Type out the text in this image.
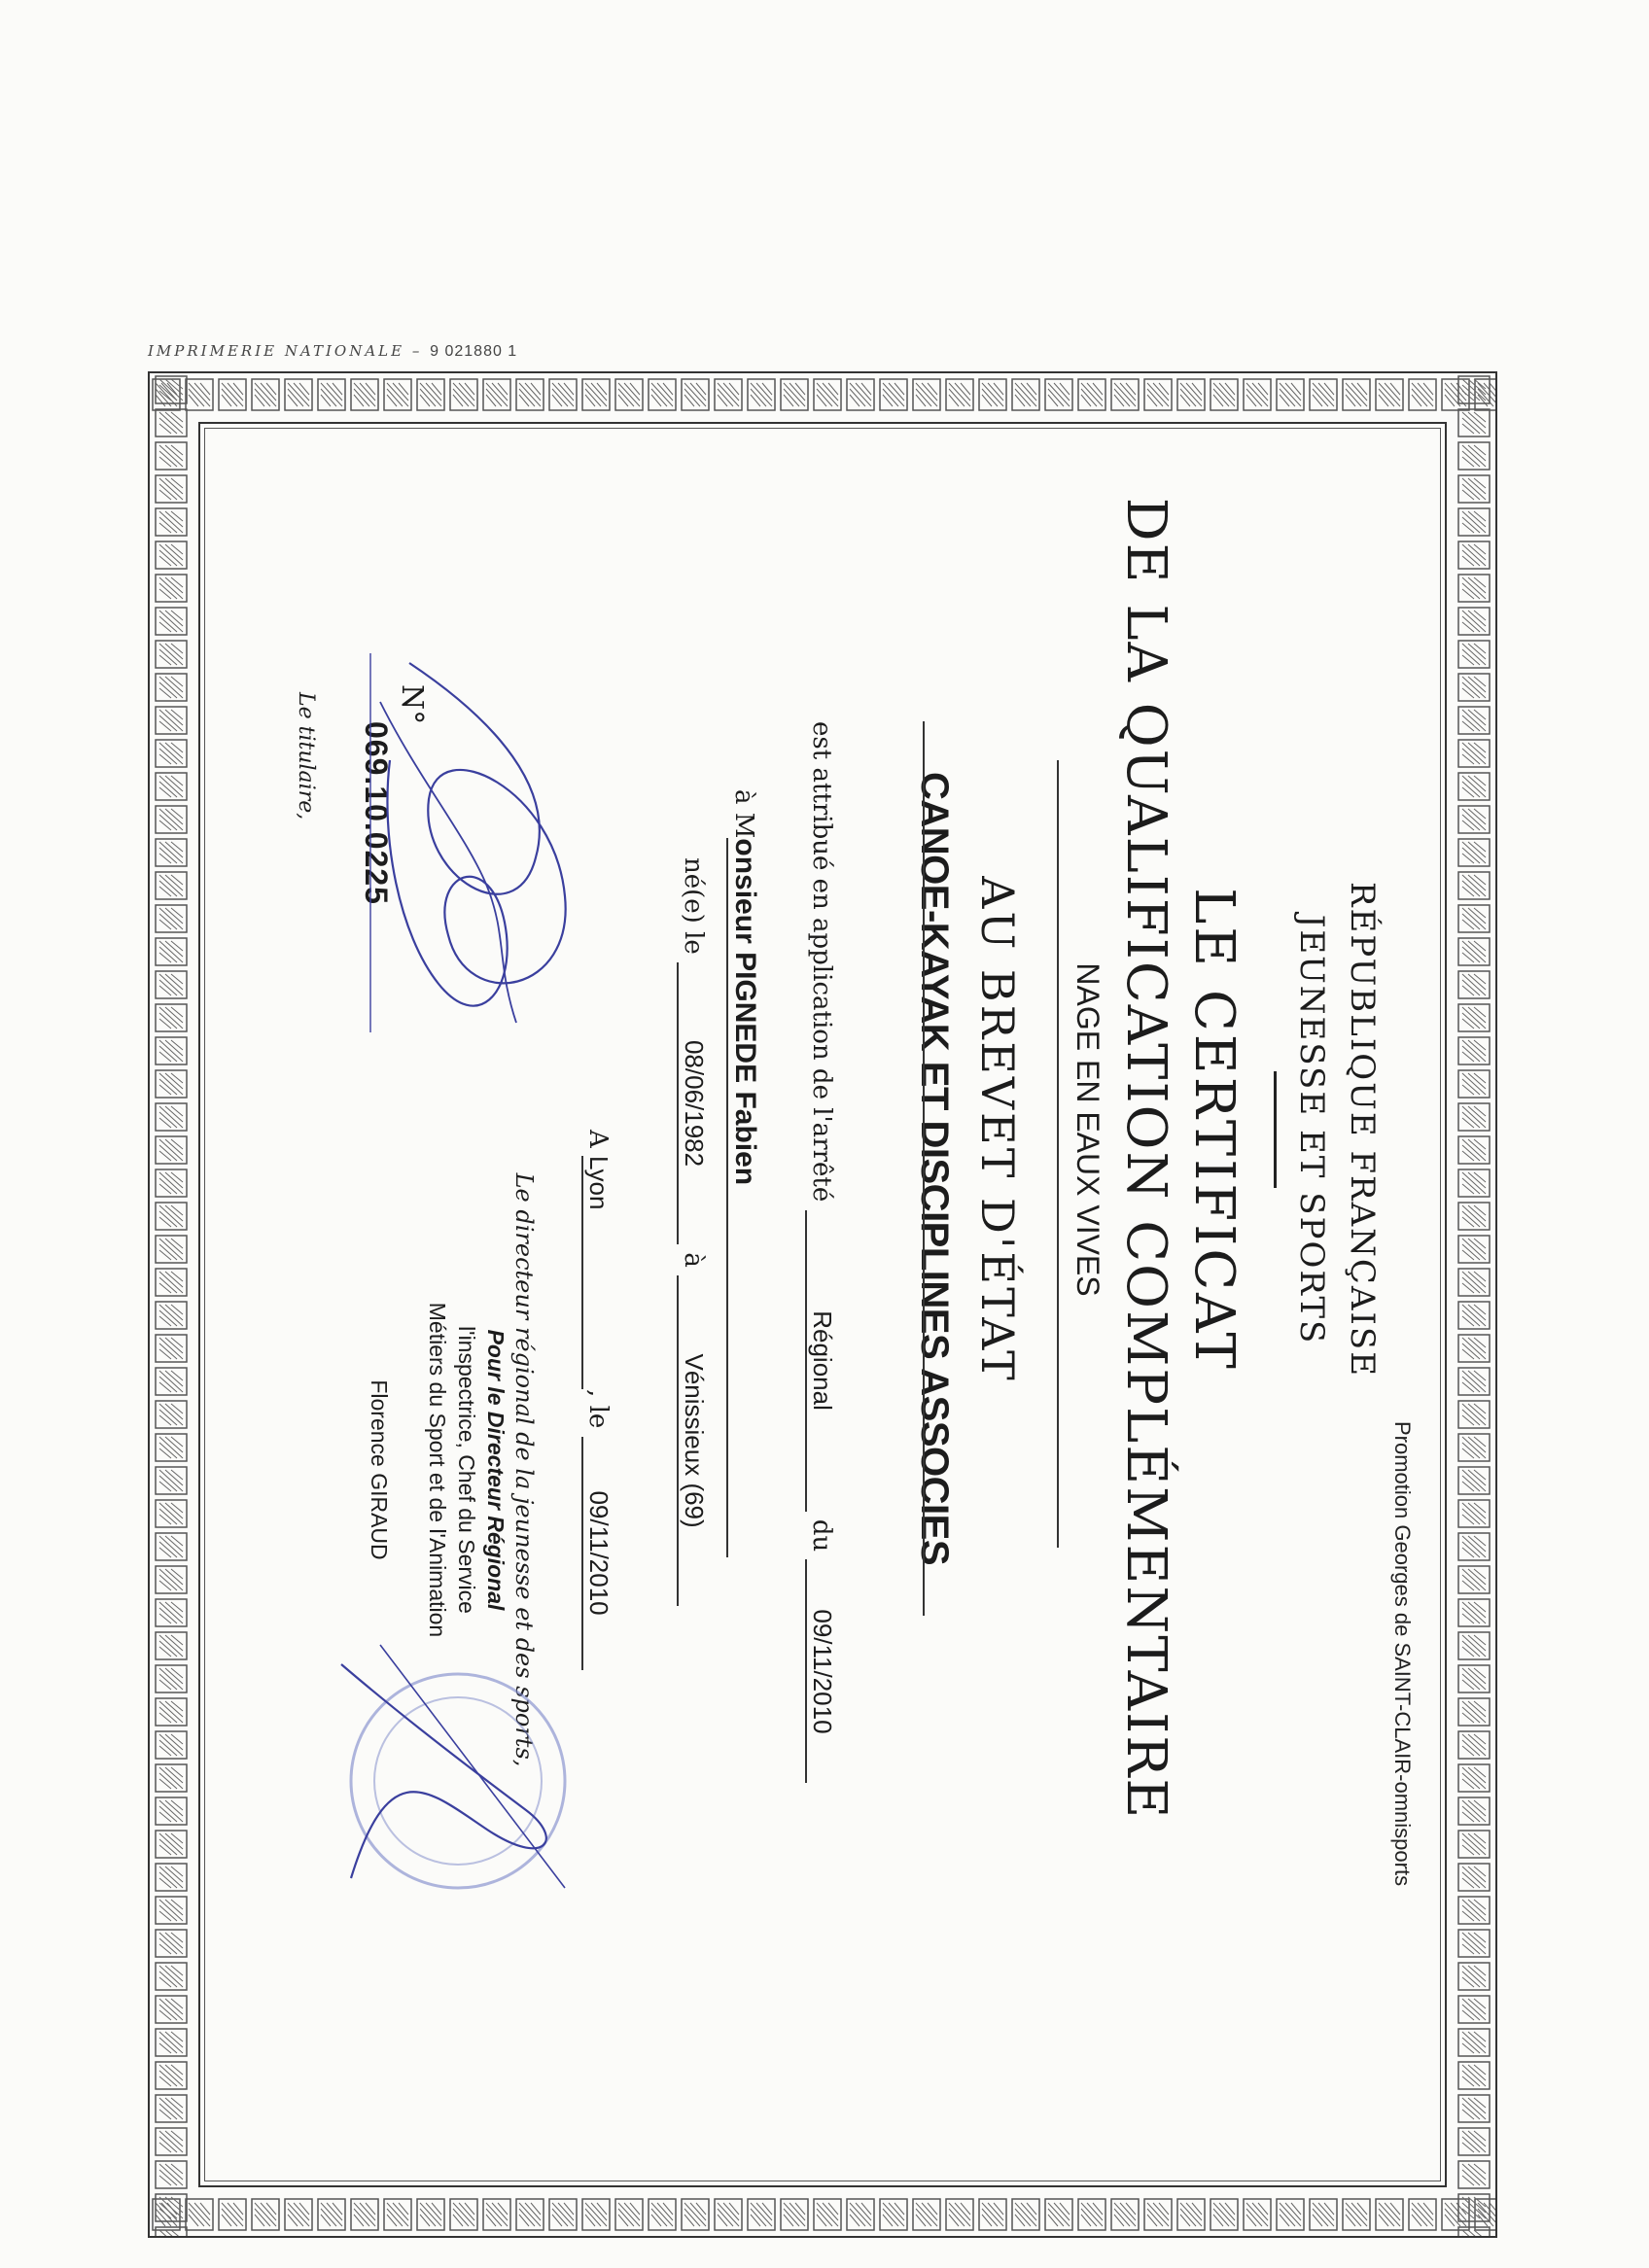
IMPRIMERIE NATIONALE – 9 021880 1
Promotion Georges de SAINT-CLAIR-omnisports
RÉPUBLIQUE FRANÇAISE
JEUNESSE ET SPORTS
LE CERTIFICAT
DE LA QUALIFICATION COMPLÉMENTAIRE
NAGE EN EAUX VIVES
AU BREVET D'ÉTAT
CANOE-KAYAK ET DISCIPLINES ASSOCIES
est attribué en application de l'arrêté Régional du 09/11/2010
à Monsieur PIGNEDE Fabien
né(e) le 08/06/1982 à Vénissieux (69)
A Lyon, le 09/11/2010
Le directeur régional de la jeunesse et des sports,
Pour le Directeur Régional
l'inspectrice, Chef du Service
Métiers du Sport et de l'Animation
Florence GIRAUD
N°
069.10.0225
Le titulaire,
